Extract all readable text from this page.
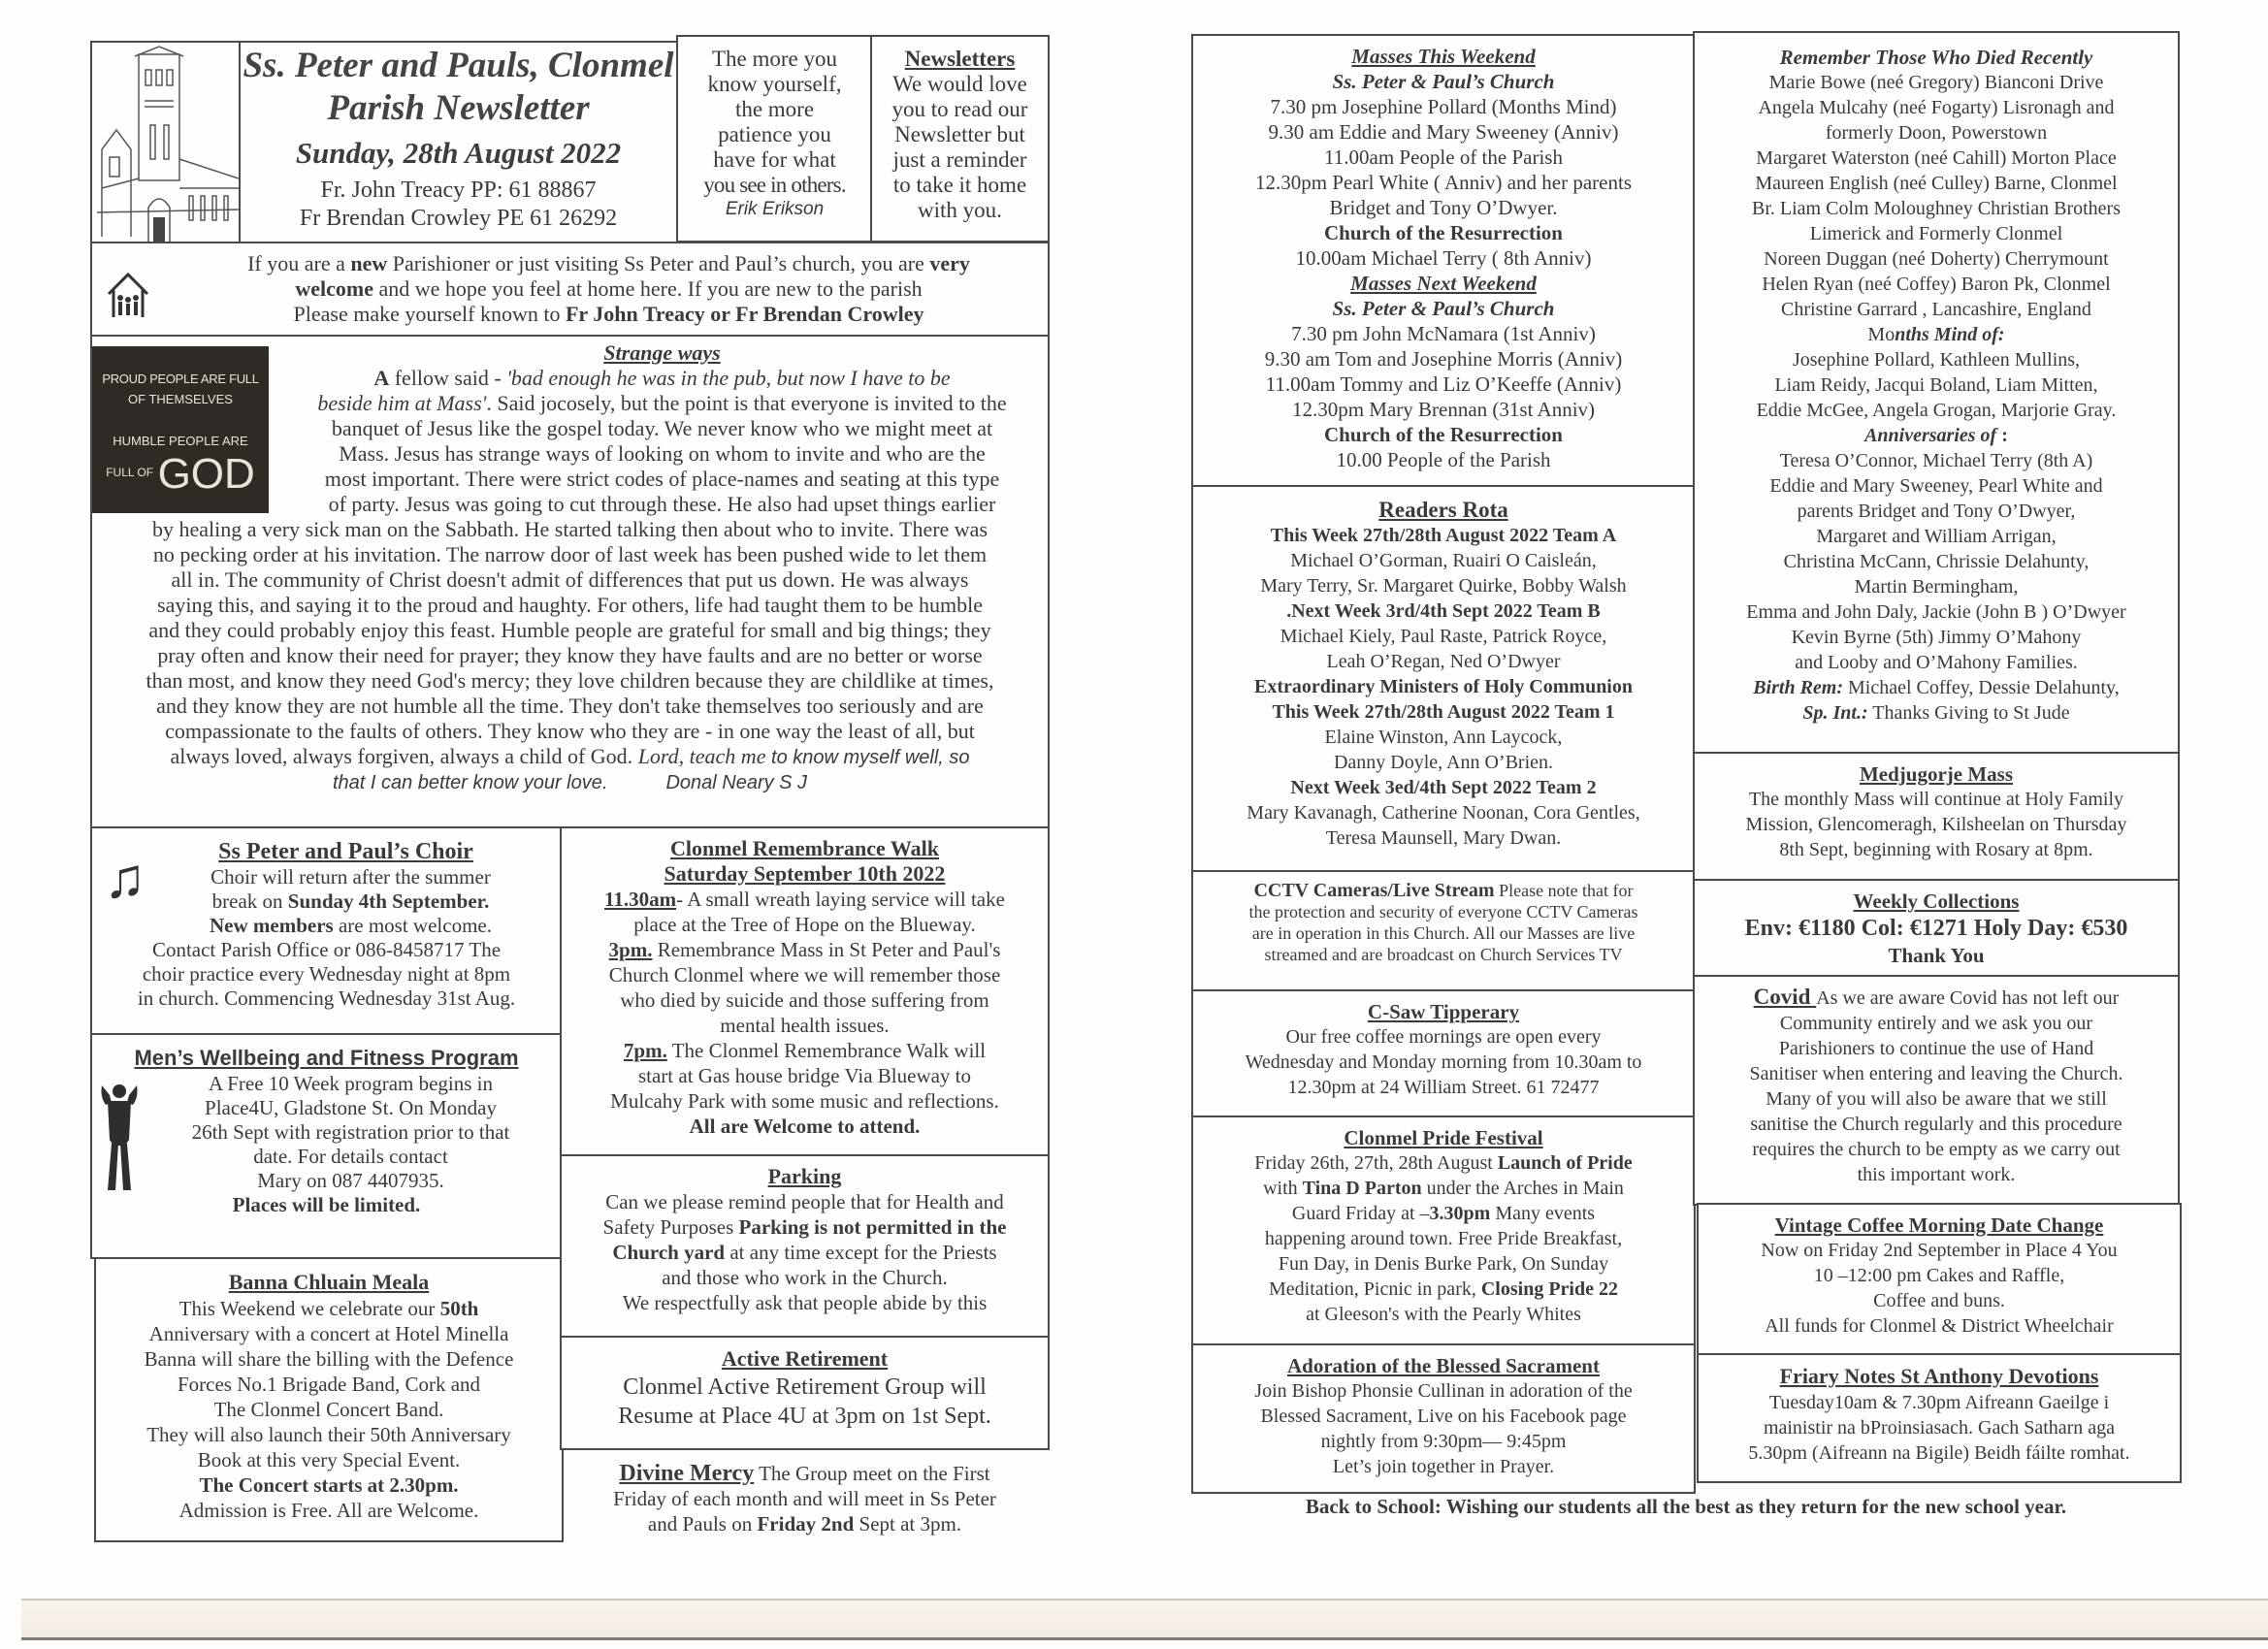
Ss. Peter and Pauls, Clonmel
Parish Newsletter
Sunday, 28th August 2022
Fr. John Treacy PP: 61 88867
Fr Brendan Crowley PE 61 26292
The more you
know yourself,
the more
patience you
have for what
you see in others.
Erik Erikson
Newsletters
We would love
you to read our
Newsletter but
just a reminder
to take it home
with you.
If you are a new Parishioner or just visiting Ss Peter and Paul’s church, you are very
welcome and we hope you feel at home here. If you are new to the parish
Please make yourself known to Fr John Treacy or Fr Brendan Crowley
PROUD PEOPLE ARE FULL
OF THEMSELVES
HUMBLE PEOPLE ARE
$^{FULL OF}$ GOD
Strange ways
A fellow said - 'bad enough he was in the pub, but now I have to be
beside him at Mass'. Said jocosely, but the point is that everyone is invited to the
banquet of Jesus like the gospel today. We never know who we might meet at
Mass. Jesus has strange ways of looking on whom to invite and who are the
most important. There were strict codes of place-names and seating at this type
of party. Jesus was going to cut through these. He also had upset things earlier
by healing a very sick man on the Sabbath. He started talking then about who to invite. There was
no pecking order at his invitation. The narrow door of last week has been pushed wide to let them
all in. The community of Christ doesn't admit of differences that put us down. He was always
saying this, and saying it to the proud and haughty. For others, life had taught them to be humble
and they could probably enjoy this feast. Humble people are grateful for small and big things; they
pray often and know their need for prayer; they know they have faults and are no better or worse
than most, and know they need God's mercy; they love children because they are childlike at times,
and they know they are not humble all the time. They don't take themselves too seriously and are
compassionate to the faults of others. They know who they are - in one way the least of all, but
always loved, always forgiven, always a child of God. Lord, teach me to know myself well, so
that I can better know your love.	Donal Neary S J
♫	Ss Peter and Paul’s Choir
Choir will return after the summer
break on Sunday 4th September.
New members are most welcome.
Contact Parish Office or 086-8458717 The
choir practice every Wednesday night at 8pm
in church. Commencing Wednesday 31st Aug.
Men’s Wellbeing and Fitness Program
A Free 10 Week program begins in
Place4U, Gladstone St. On Monday
26th Sept with registration prior to that
date. For details contact
Mary on 087 4407935.
Places will be limited.
Banna Chluain Meala
This Weekend we celebrate our 50th
Anniversary with a concert at Hotel Minella
Banna will share the billing with the Defence
Forces No.1 Brigade Band, Cork and
The Clonmel Concert Band.
They will also launch their 50th Anniversary
Book at this very Special Event.
The Concert starts at 2.30pm.
Admission is Free. All are Welcome.
Clonmel Remembrance Walk
Saturday September 10th 2022
11.30am- A small wreath laying service will take
place at the Tree of Hope on the Blueway.
3pm. Remembrance Mass in St Peter and Paul's
Church Clonmel where we will remember those
who died by suicide and those suffering from
mental health issues.
7pm. The Clonmel Remembrance Walk will
start at Gas house bridge Via Blueway to
Mulcahy Park with some music and reflections.
All are Welcome to attend.
Parking
Can we please remind people that for Health and
Safety Purposes Parking is not permitted in the
Church yard at any time except for the Priests
and those who work in the Church.
We respectfully ask that people abide by this
Active Retirement
Clonmel Active Retirement Group will
Resume at Place 4U at 3pm on 1st Sept.
Divine Mercy The Group meet on the First
Friday of each month and will meet in Ss Peter
and Pauls on Friday 2nd Sept at 3pm.
Masses This Weekend
Ss. Peter & Paul’s Church
7.30 pm Josephine Pollard (Months Mind)
9.30 am Eddie and Mary Sweeney (Anniv)
11.00am People of the Parish
12.30pm Pearl White ( Anniv) and her parents
Bridget and Tony O’Dwyer.
Church of the Resurrection
10.00am Michael Terry ( 8th Anniv)
Masses Next Weekend
Ss. Peter & Paul’s Church
7.30 pm John McNamara (1st Anniv)
9.30 am Tom and Josephine Morris (Anniv)
11.00am Tommy and Liz O’Keeffe (Anniv)
12.30pm Mary Brennan (31st Anniv)
Church of the Resurrection
10.00 People of the Parish
Readers Rota
This Week 27th/28th August 2022 Team A
Michael O’Gorman, Ruairi O Caisleán,
Mary Terry, Sr. Margaret Quirke, Bobby Walsh
.Next Week 3rd/4th Sept 2022 Team B
Michael Kiely, Paul Raste, Patrick Royce,
Leah O’Regan, Ned O’Dwyer
Extraordinary Ministers of Holy Communion
This Week 27th/28th August 2022 Team 1
Elaine Winston, Ann Laycock,
Danny Doyle, Ann O’Brien.
Next Week 3ed/4th Sept 2022 Team 2
Mary Kavanagh, Catherine Noonan, Cora Gentles,
Teresa Maunsell, Mary Dwan.
CCTV Cameras/Live Stream Please note that for
the protection and security of everyone CCTV Cameras
are in operation in this Church. All our Masses are live
streamed and are broadcast on Church Services TV
C-Saw Tipperary
Our free coffee mornings are open every
Wednesday and Monday morning from 10.30am to
12.30pm at 24 William Street. 61 72477
Clonmel Pride Festival
Friday 26th, 27th, 28th August Launch of Pride
with Tina D Parton under the Arches in Main
Guard Friday at –3.30pm Many events
happening around town. Free Pride Breakfast,
Fun Day, in Denis Burke Park, On Sunday
Meditation, Picnic in park, Closing Pride 22
at Gleeson's with the Pearly Whites
Adoration of the Blessed Sacrament
Join Bishop Phonsie Cullinan in adoration of the
Blessed Sacrament, Live on his Facebook page
nightly from 9:30pm— 9:45pm
Let’s join together in Prayer.
Remember Those Who Died Recently
Marie Bowe (neé Gregory) Bianconi Drive
Angela Mulcahy (neé Fogarty) Lisronagh and
formerly Doon, Powerstown
Margaret Waterston (neé Cahill) Morton Place
Maureen English (neé Culley) Barne, Clonmel
Br. Liam Colm Moloughney Christian Brothers
Limerick and Formerly Clonmel
Noreen Duggan (neé Doherty) Cherrymount
Helen Ryan (neé Coffey) Baron Pk, Clonmel
Christine Garrard , Lancashire, England
Months Mind of:
Josephine Pollard, Kathleen Mullins,
Liam Reidy, Jacqui Boland, Liam Mitten,
Eddie McGee, Angela Grogan, Marjorie Gray.
Anniversaries of :
Teresa O’Connor, Michael Terry (8th A)
Eddie and Mary Sweeney, Pearl White and
parents Bridget and Tony O’Dwyer,
Margaret and William Arrigan,
Christina McCann, Chrissie Delahunty,
Martin Bermingham,
Emma and John Daly, Jackie (John B ) O’Dwyer
Kevin Byrne (5th) Jimmy O’Mahony
and Looby and O’Mahony Families.
Birth Rem: Michael Coffey, Dessie Delahunty,
Sp. Int.: Thanks Giving to St Jude
Medjugorje Mass
The monthly Mass will continue at Holy Family
Mission, Glencomeragh, Kilsheelan on Thursday
8th Sept, beginning with Rosary at 8pm.
Weekly Collections
Env: €1180 Col: €1271 Holy Day: €530
Thank You
Covid As we are aware Covid has not left our
Community entirely and we ask you our
Parishioners to continue the use of Hand
Sanitiser when entering and leaving the Church.
Many of you will also be aware that we still
sanitise the Church regularly and this procedure
requires the church to be empty as we carry out
this important work.
Vintage Coffee Morning Date Change
Now on Friday 2nd September in Place 4 You
10 –12:00 pm Cakes and Raffle,
Coffee and buns.
All funds for Clonmel & District Wheelchair
Friary Notes St Anthony Devotions
Tuesday10am & 7.30pm Aifreann Gaeilge i
mainistir na bProinsiasach. Gach Satharn aga
5.30pm (Aifreann na Bigile) Beidh fáilte romhat.
Back to School: Wishing our students all the best as they return for the new school year.
